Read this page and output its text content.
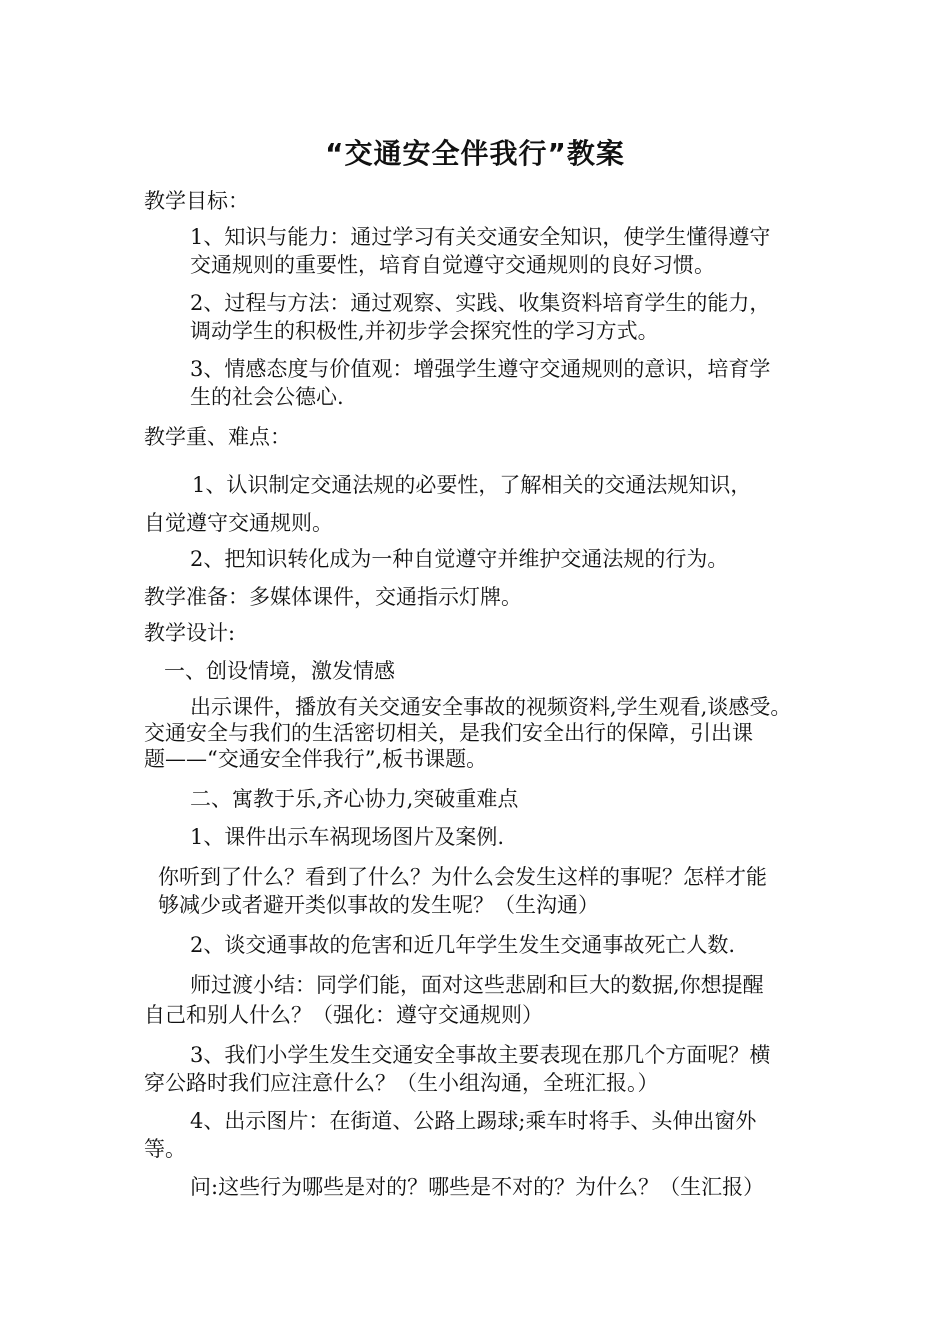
“交通安全伴我行”教案
教学目标：
1、知识与能力：通过学习有关交通安全知识，使学生懂得遵守
交通规则的重要性，培育自觉遵守交通规则的良好习惯。
2、过程与方法：通过观察、实践、收集资料培育学生的能力，
调动学生的积极性,并初步学会探究性的学习方式。
3、情感态度与价值观：增强学生遵守交通规则的意识，培育学
生的社会公德心.
教学重、难点：
1、认识制定交通法规的必要性，了解相关的交通法规知识，
自觉遵守交通规则。
2、把知识转化成为一种自觉遵守并维护交通法规的行为。
教学准备：多媒体课件，交通指示灯牌。
教学设计:
一、创设情境，激发情感
出示课件，播放有关交通安全事故的视频资料,学生观看,谈感受。
交通安全与我们的生活密切相关，是我们安全出行的保障，引出课
题——“交通安全伴我行”,板书课题。
二、寓教于乐,齐心协力,突破重难点
1、课件出示车祸现场图片及案例.
你听到了什么？看到了什么？为什么会发生这样的事呢？怎样才能
够减少或者避开类似事故的发生呢？（生沟通）
2、谈交通事故的危害和近几年学生发生交通事故死亡人数.
师过渡小结：同学们能，面对这些悲剧和巨大的数据,你想提醒
自己和别人什么？（强化：遵守交通规则）
3、我们小学生发生交通安全事故主要表现在那几个方面呢？横
穿公路时我们应注意什么？（生小组沟通，全班汇报。）
4、出示图片：在街道、公路上踢球;乘车时将手、头伸出窗外
等。
问:这些行为哪些是对的？哪些是不对的？为什么？（生汇报）
